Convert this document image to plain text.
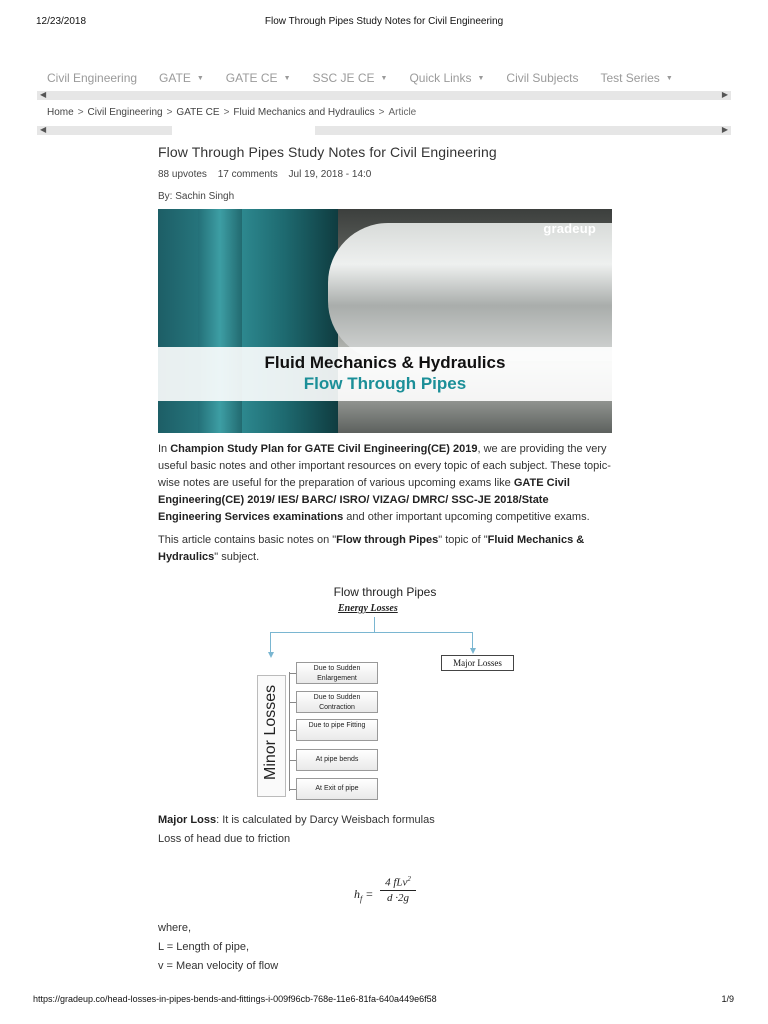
12/23/2018	Flow Through Pipes Study Notes for Civil Engineering
Civil Engineering GATE ▼ GATE CE ▼ SSC JE CE ▼ Quick Links ▼ Civil Subjects Test Series ▼
◀	▶
Home > Civil Engineering > GATE CE > Fluid Mechanics and Hydraulics > Article
◀	▶
Flow Through Pipes Study Notes for Civil Engineering
88 upvotes 17 comments Jul 19, 2018 - 14:0
By: Sachin Singh
gradeup
Fluid Mechanics & Hydraulics
Flow Through Pipes

In Champion Study Plan for GATE Civil Engineering(CE) 2019, we are providing the very useful basic notes and other important resources on every topic of each subject. These topic-wise notes are useful for the preparation of various upcoming exams like GATE Civil Engineering(CE) 2019/ IES/ BARC/ ISRO/ VIZAG/ DMRC/ SSC-JE 2018/State Engineering Services examinations and other important upcoming competitive exams.

This article contains basic notes on "Flow through Pipes" topic of "Fluid Mechanics & Hydraulics" subject.

Flow through Pipes
Energy Losses
Major Losses
Minor Losses
Due to Sudden Enlargement
Due to Sudden Contraction
Due to pipe Fitting
At pipe bends
At Exit of pipe
Major Loss: It is calculated by Darcy Weisbach formulas
Loss of head due to friction
$h_f$ =
4 fLv$^2$
d ·2g
where,
L = Length of pipe,
v = Mean velocity of flow
https://gradeup.co/head-losses-in-pipes-bends-and-fittings-i-009f96cb-768e-11e6-81fa-640a449e6f58	1/9
